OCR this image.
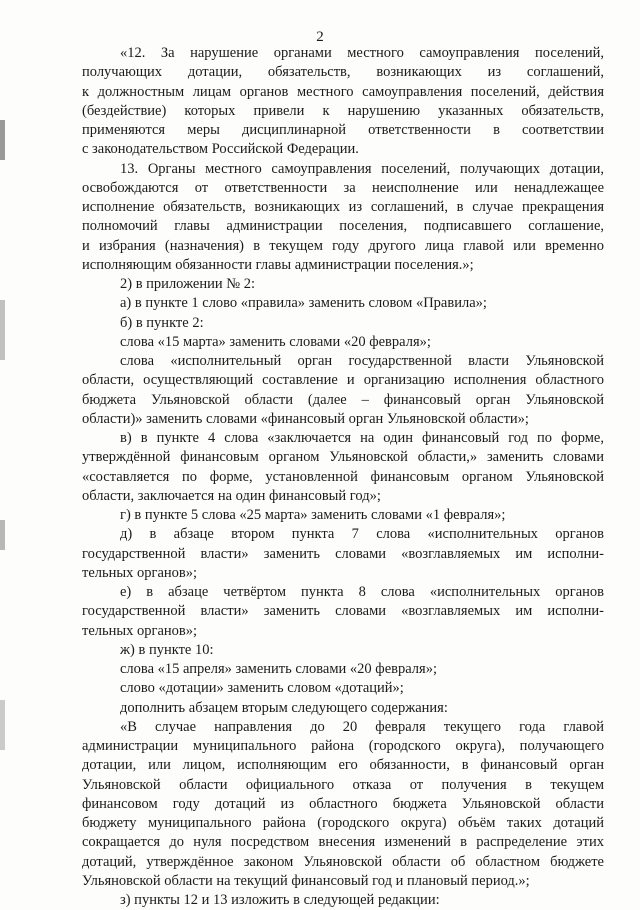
2
«12. За нарушение органами местного самоуправления поселений,
получающих дотации, обязательств, возникающих из соглашений,
к должностным лицам органов местного самоуправления поселений, действия
(бездействие) которых привели к нарушению указанных обязательств,
применяются меры дисциплинарной ответственности в соответствии
с законодательством Российской Федерации.
13. Органы местного самоуправления поселений, получающих дотации,
освобождаются от ответственности за неисполнение или ненадлежащее
исполнение обязательств, возникающих из соглашений, в случае прекращения
полномочий главы администрации поселения, подписавшего соглашение,
и избрания (назначения) в текущем году другого лица главой или временно
исполняющим обязанности главы администрации поселения.»;
2) в приложении № 2:
а) в пункте 1 слово «правила» заменить словом «Правила»;
б) в пункте 2:
слова «15 марта» заменить словами «20 февраля»;
слова «исполнительный орган государственной власти Ульяновской
области, осуществляющий составление и организацию исполнения областного
бюджета Ульяновской области (далее – финансовый орган Ульяновской
области)» заменить словами «финансовый орган Ульяновской области»;
в) в пункте 4 слова «заключается на один финансовый год по форме,
утверждённой финансовым органом Ульяновской области,» заменить словами
«составляется по форме, установленной финансовым органом Ульяновской
области, заключается на один финансовый год»;
г) в пункте 5 слова «25 марта» заменить словами «1 февраля»;
д) в абзаце втором пункта 7 слова «исполнительных органов
государственной власти» заменить словами «возглавляемых им исполни-
тельных органов»;
е) в абзаце четвёртом пункта 8 слова «исполнительных органов
государственной власти» заменить словами «возглавляемых им исполни-
тельных органов»;
ж) в пункте 10:
слова «15 апреля» заменить словами «20 февраля»;
слово «дотации» заменить словом «дотаций»;
дополнить абзацем вторым следующего содержания:
«В случае направления до 20 февраля текущего года главой
администрации муниципального района (городского округа), получающего
дотации, или лицом, исполняющим его обязанности, в финансовый орган
Ульяновской области официального отказа от получения в текущем
финансовом году дотаций из областного бюджета Ульяновской области
бюджету муниципального района (городского округа) объём таких дотаций
сокращается до нуля посредством внесения изменений в распределение этих
дотаций, утверждённое законом Ульяновской области об областном бюджете
Ульяновской области на текущий финансовый год и плановый период.»;
з) пункты 12 и 13 изложить в следующей редакции:
